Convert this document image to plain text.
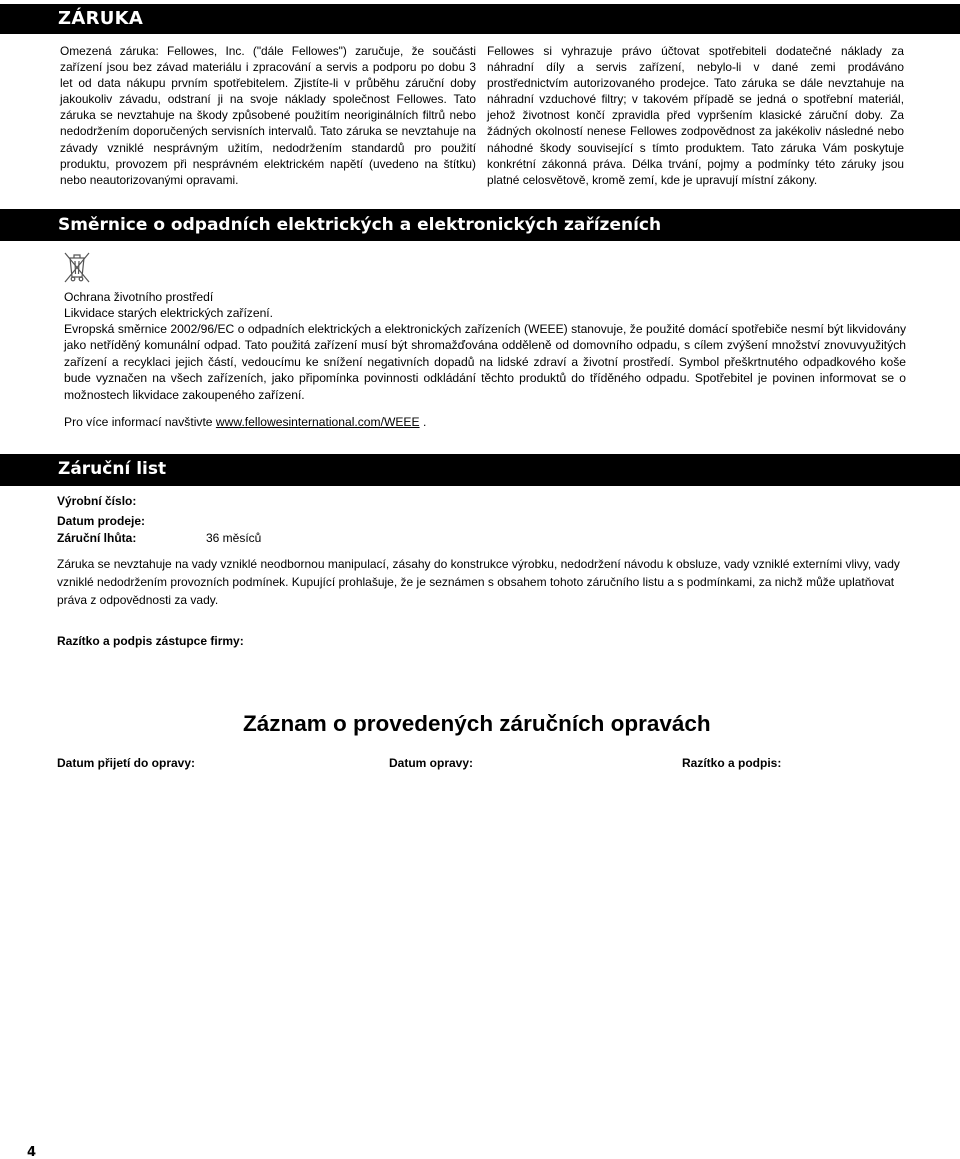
ZÁRUKA
Omezená záruka: Fellowes, Inc. ("dále Fellowes") zaručuje, že součásti zařízení jsou bez závad materiálu i zpracování a servis a podporu po dobu 3 let od data nákupu prvním spotřebitelem. Zjistíte-li v průběhu záruční doby jakoukoliv závadu, odstraní ji na svoje náklady společnost Fellowes. Tato záruka se nevztahuje na škody způsobené použitím neoriginálních filtrů nebo nedodržením doporučených servisních intervalů. Tato záruka se nevztahuje na závady vzniklé nesprávným užitím, nedodržením standardů pro použití produktu, provozem při nesprávném elektrickém napětí (uvedeno na štítku) nebo neautorizovanými opravami.
Fellowes si vyhrazuje právo účtovat spotřebiteli dodatečné náklady za náhradní díly a servis zařízení, nebylo-li v dané zemi prodáváno prostřednictvím autorizovaného prodejce. Tato záruka se dále nevztahuje na náhradní vzduchové filtry; v takovém případě se jedná o spotřební materiál, jehož životnost končí zpravidla před vypršením klasické záruční doby. Za žádných okolností nenese Fellowes zodpovědnost za jakékoliv následné nebo náhodné škody související s tímto produktem. Tato záruka Vám poskytuje konkrétní zákonná práva. Délka trvání, pojmy a podmínky této záruky jsou platné celosvětově, kromě zemí, kde je upravují místní zákony.
Směrnice o odpadních elektrických a elektronických zařízeních
Ochrana životního prostředí
Likvidace starých elektrických zařízení.
Evropská směrnice 2002/96/EC o odpadních elektrických a elektronických zařízeních (WEEE) stanovuje, že použité domácí spotřebiče nesmí být likvidovány jako netříděný komunální odpad. Tato použitá zařízení musí být shromažďována odděleně od domovního odpadu, s cílem zvýšení množství znovuvyužitých zařízení a recyklaci jejich částí, vedoucímu ke snížení negativních dopadů na lidské zdraví a životní prostředí. Symbol přeškrtnutého odpadkového koše bude vyznačen na všech zařízeních, jako připomínka povinnosti odkládání těchto produktů do tříděného odpadu. Spotřebitel je povinen informovat se o možnostech likvidace zakoupeného zařízení.
Pro více informací navštivte www.fellowesinternational.com/WEEE .
Záruční list
Výrobní číslo:
Datum prodeje:
Záruční lhůta:	36 měsíců
Záruka se nevztahuje na vady vzniklé neodbornou manipulací, zásahy do konstrukce výrobku, nedodržení návodu k obsluze, vady vzniklé externími vlivy, vady vzniklé nedodržením provozních podmínek. Kupující prohlašuje, že je seznámen s obsahem tohoto záručního listu a s podmínkami, za nichž může uplatňovat práva z odpovědnosti za vady.
Razítko a podpis zástupce firmy:
Záznam o provedených záručních opravách
Datum přijetí do opravy:	Datum opravy:	Razítko a podpis:
4
